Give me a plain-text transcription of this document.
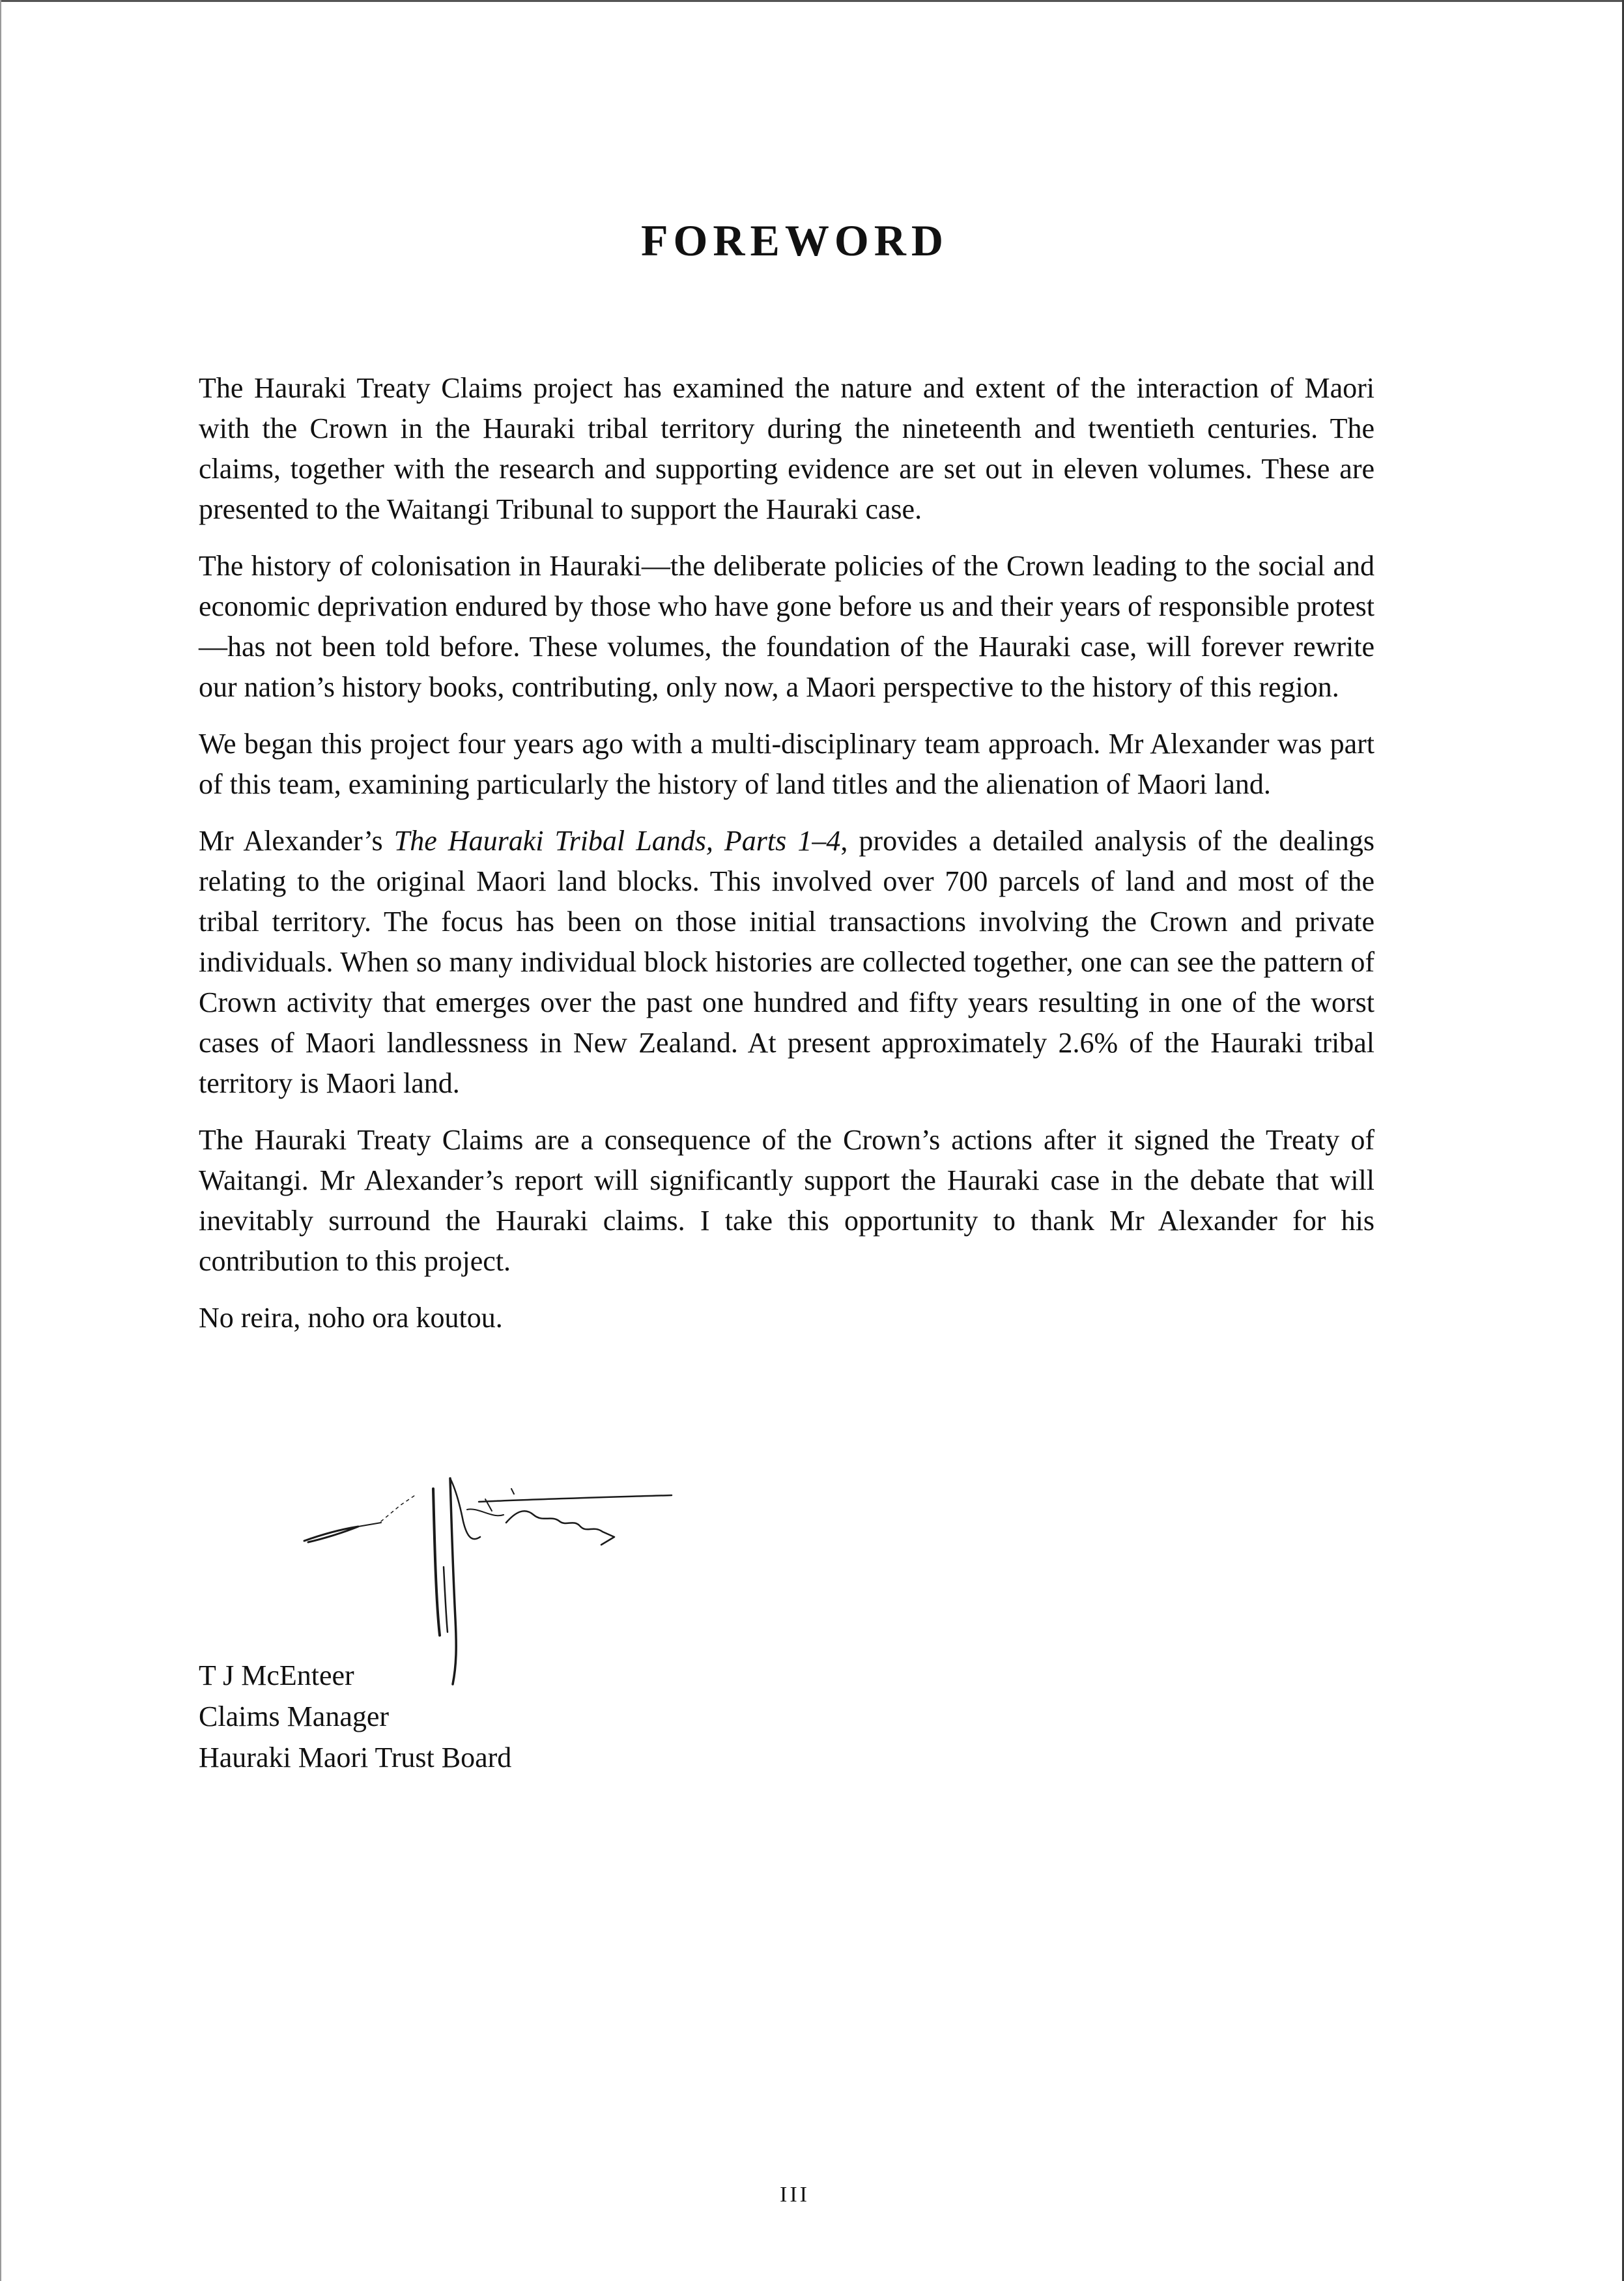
FOREWORD

The Hauraki Treaty Claims project has examined the nature and extent of the interaction of Maori with the Crown in the Hauraki tribal territory during the nineteenth and twentieth centuries. The claims, together with the research and supporting evidence are set out in eleven volumes. These are presented to the Waitangi Tribunal to support the Hauraki case.

The history of colonisation in Hauraki—the deliberate policies of the Crown leading to the social and economic deprivation endured by those who have gone before us and their years of responsible protest—has not been told before. These volumes, the foundation of the Hauraki case, will forever rewrite our nation’s history books, contributing, only now, a Maori perspective to the history of this region.

We began this project four years ago with a multi-disciplinary team approach. Mr Alexander was part of this team, examining particularly the history of land titles and the alienation of Maori land.

Mr Alexander’s The Hauraki Tribal Lands, Parts 1–4, provides a detailed analysis of the dealings relating to the original Maori land blocks. This involved over 700 parcels of land and most of the tribal territory. The focus has been on those initial transactions involving the Crown and private individuals. When so many individual block histories are collected together, one can see the pattern of Crown activity that emerges over the past one hundred and fifty years resulting in one of the worst cases of Maori landlessness in New Zealand. At present approximately 2.6% of the Hauraki tribal territory is Maori land.

The Hauraki Treaty Claims are a consequence of the Crown’s actions after it signed the Treaty of Waitangi. Mr Alexander’s report will significantly support the Hauraki case in the debate that will inevitably surround the Hauraki claims. I take this opportunity to thank Mr Alexander for his contribution to this project.

No reira, noho ora koutou.

T J McEnteer
Claims Manager
Hauraki Maori Trust Board
III
